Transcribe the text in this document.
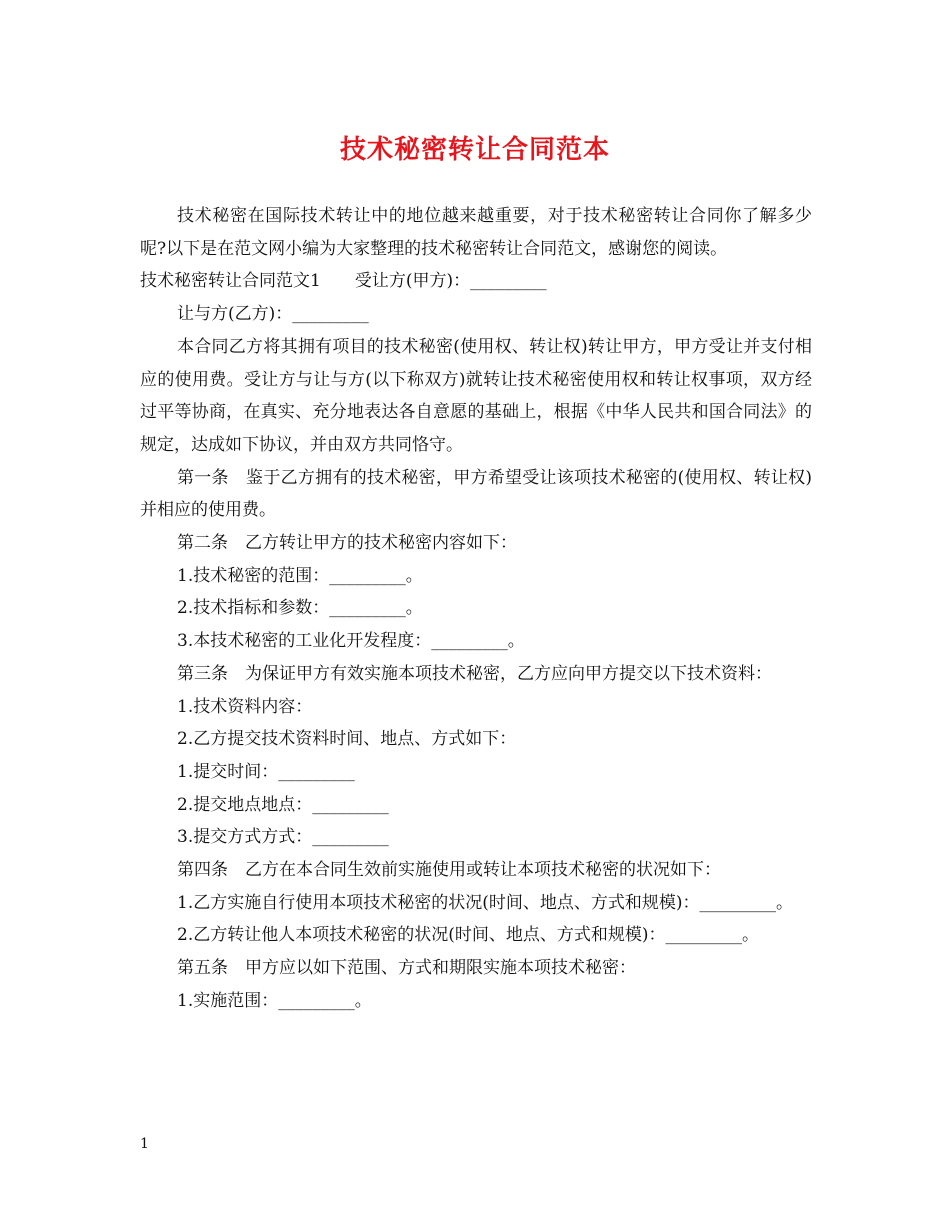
技术秘密转让合同范本

技术秘密在国际技术转让中的地位越来越重要，对于技术秘密转让合同你了解多少呢?以下是在范文网小编为大家整理的技术秘密转让合同范文，感谢您的阅读。

技术秘密转让合同范文1　　受让方(甲方)：_________

让与方(乙方)：_________

本合同乙方将其拥有项目的技术秘密(使用权、转让权)转让甲方，甲方受让并支付相应的使用费。受让方与让与方(以下称双方)就转让技术秘密使用权和转让权事项，双方经过平等协商，在真实、充分地表达各自意愿的基础上，根据《中华人民共和国合同法》的规定，达成如下协议，并由双方共同恪守。

第一条　鉴于乙方拥有的技术秘密，甲方希望受让该项技术秘密的(使用权、转让权)并相应的使用费。

第二条　乙方转让甲方的技术秘密内容如下：

1.技术秘密的范围：_________。

2.技术指标和参数：_________。

3.本技术秘密的工业化开发程度：_________。

第三条　为保证甲方有效实施本项技术秘密，乙方应向甲方提交以下技术资料：

1.技术资料内容：

2.乙方提交技术资料时间、地点、方式如下：

1.提交时间：_________

2.提交地点地点：_________

3.提交方式方式：_________

第四条　乙方在本合同生效前实施使用或转让本项技术秘密的状况如下：

1.乙方实施自行使用本项技术秘密的状况(时间、地点、方式和规模)：_________。

2.乙方转让他人本项技术秘密的状况(时间、地点、方式和规模)：_________。

第五条　甲方应以如下范围、方式和期限实施本项技术秘密：

1.实施范围：_________。

1
